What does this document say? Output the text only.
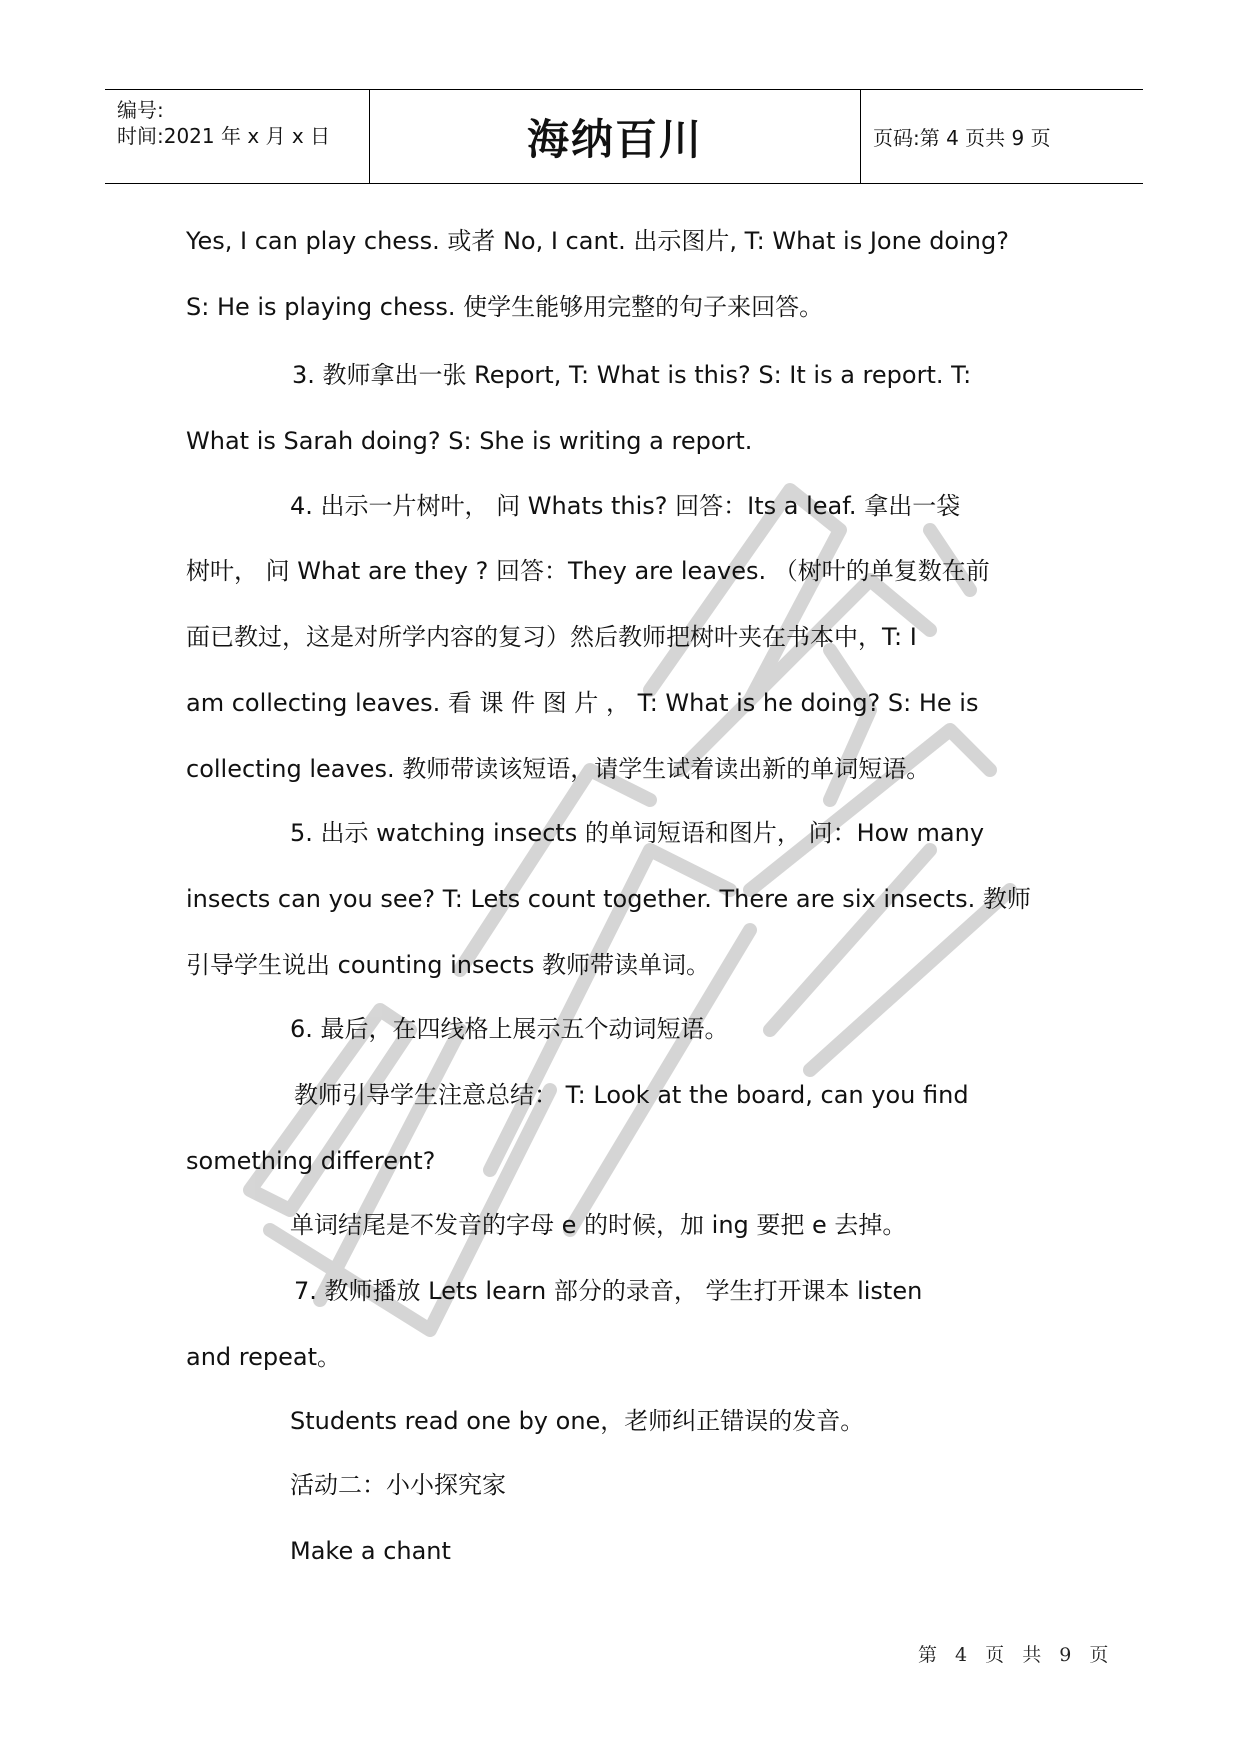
编号:
时间:2021 年 x 月 x 日	海纳百川	页码:第 4 页共 9 页
严禁复制
Yes, I can play chess. 或者 No, I cant. 出示图片, T: What is Jone doing?
S: He is playing chess. 使学生能够用完整的句子来回答。
3. 教师拿出一张 Report, T: What is this? S: It is a report. T:
What is Sarah doing? S: She is writing a report.
4. 出示一片树叶， 问 Whats this? 回答：Its a leaf. 拿出一袋
树叶， 问 What are they ? 回答：They are leaves. （树叶的单复数在前
面已教过，这是对所学内容的复习）然后教师把树叶夹在书本中，T: I
am collecting leaves. 看 课 件 图 片 ， T: What is he doing? S: He is
collecting leaves. 教师带读该短语，请学生试着读出新的单词短语。
5. 出示 watching insects 的单词短语和图片， 问：How many
insects can you see? T: Lets count together. There are six insects. 教师
引导学生说出 counting insects 教师带读单词。
6. 最后，在四线格上展示五个动词短语。
教师引导学生注意总结： T: Look at the board, can you find
something different?
单词结尾是不发音的字母 e 的时候，加 ing 要把 e 去掉。
7. 教师播放 Lets learn 部分的录音， 学生打开课本 listen
and repeat。
Students read one by one，老师纠正错误的发音。
活动二：小小探究家
Make a chant
第 4 页 共 9 页
